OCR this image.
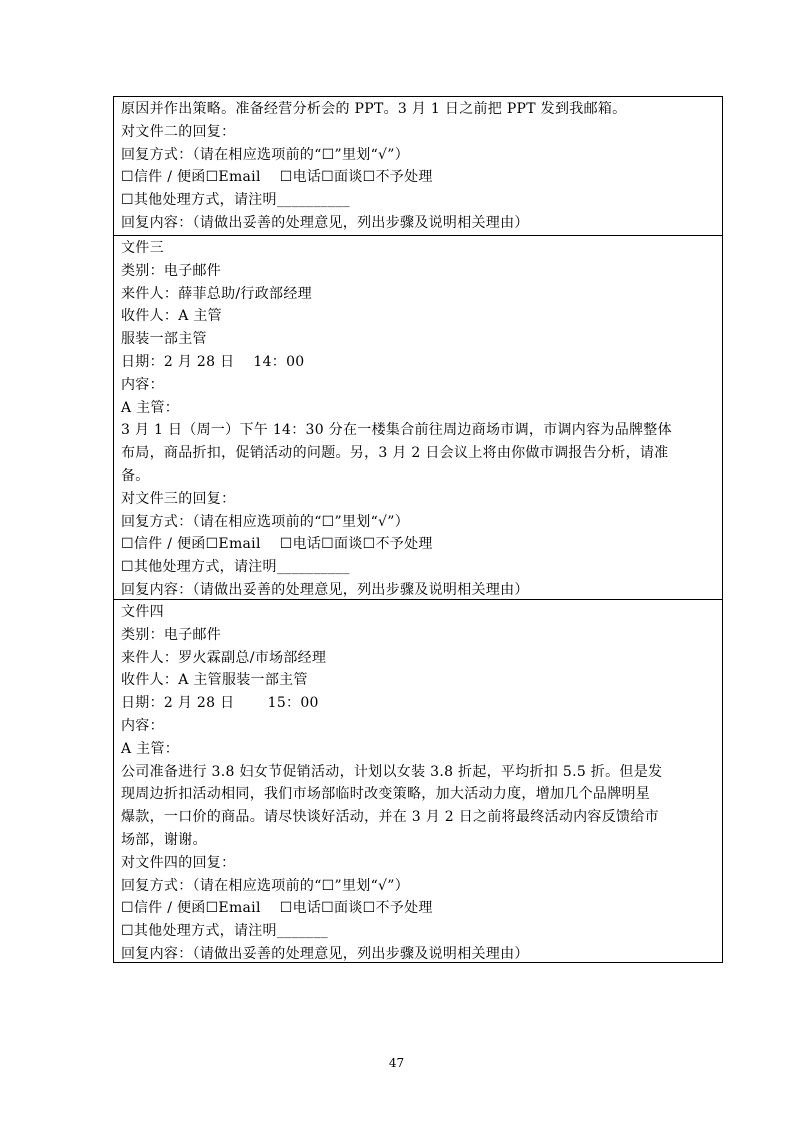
原因并作出策略。准备经营分析会的 PPT。3 月 1 日之前把 PPT 发到我邮箱。
对文件二的回复：
回复方式：（请在相应选项前的“☐”里划“√”）
☐信件 / 便函☐Email    ☐电话☐面谈☐不予处理
☐其他处理方式，请注明__________
回复内容：（请做出妥善的处理意见，列出步骤及说明相关理由）
文件三
类别：电子邮件
来件人：薛菲总助/行政部经理
收件人：A 主管
服装一部主管
日期：2 月 28 日    14：00
内容：
A 主管：
3 月 1 日（周一）下午 14：30 分在一楼集合前往周边商场市调，市调内容为品牌整体
布局，商品折扣，促销活动的问题。另，3 月 2 日会议上将由你做市调报告分析，请准
备。
对文件三的回复：
回复方式：（请在相应选项前的“☐”里划“√”）
☐信件 / 便函☐Email    ☐电话☐面谈☐不予处理
☐其他处理方式，请注明__________
回复内容：（请做出妥善的处理意见，列出步骤及说明相关理由）
文件四
类别：电子邮件
来件人：罗火霖副总/市场部经理
收件人：A 主管服装一部主管
日期：2 月 28 日       15：00
内容：
A 主管：
公司准备进行 3.8 妇女节促销活动，计划以女装 3.8 折起，平均折扣 5.5 折。但是发
现周边折扣活动相同，我们市场部临时改变策略，加大活动力度，增加几个品牌明星
爆款，一口价的商品。请尽快谈好活动，并在 3 月 2 日之前将最终活动内容反馈给市
场部，谢谢。
对文件四的回复：
回复方式：（请在相应选项前的“☐”里划“√”）
☐信件 / 便函☐Email    ☐电话☐面谈☐不予处理
☐其他处理方式，请注明_______
回复内容：（请做出妥善的处理意见，列出步骤及说明相关理由）
47
